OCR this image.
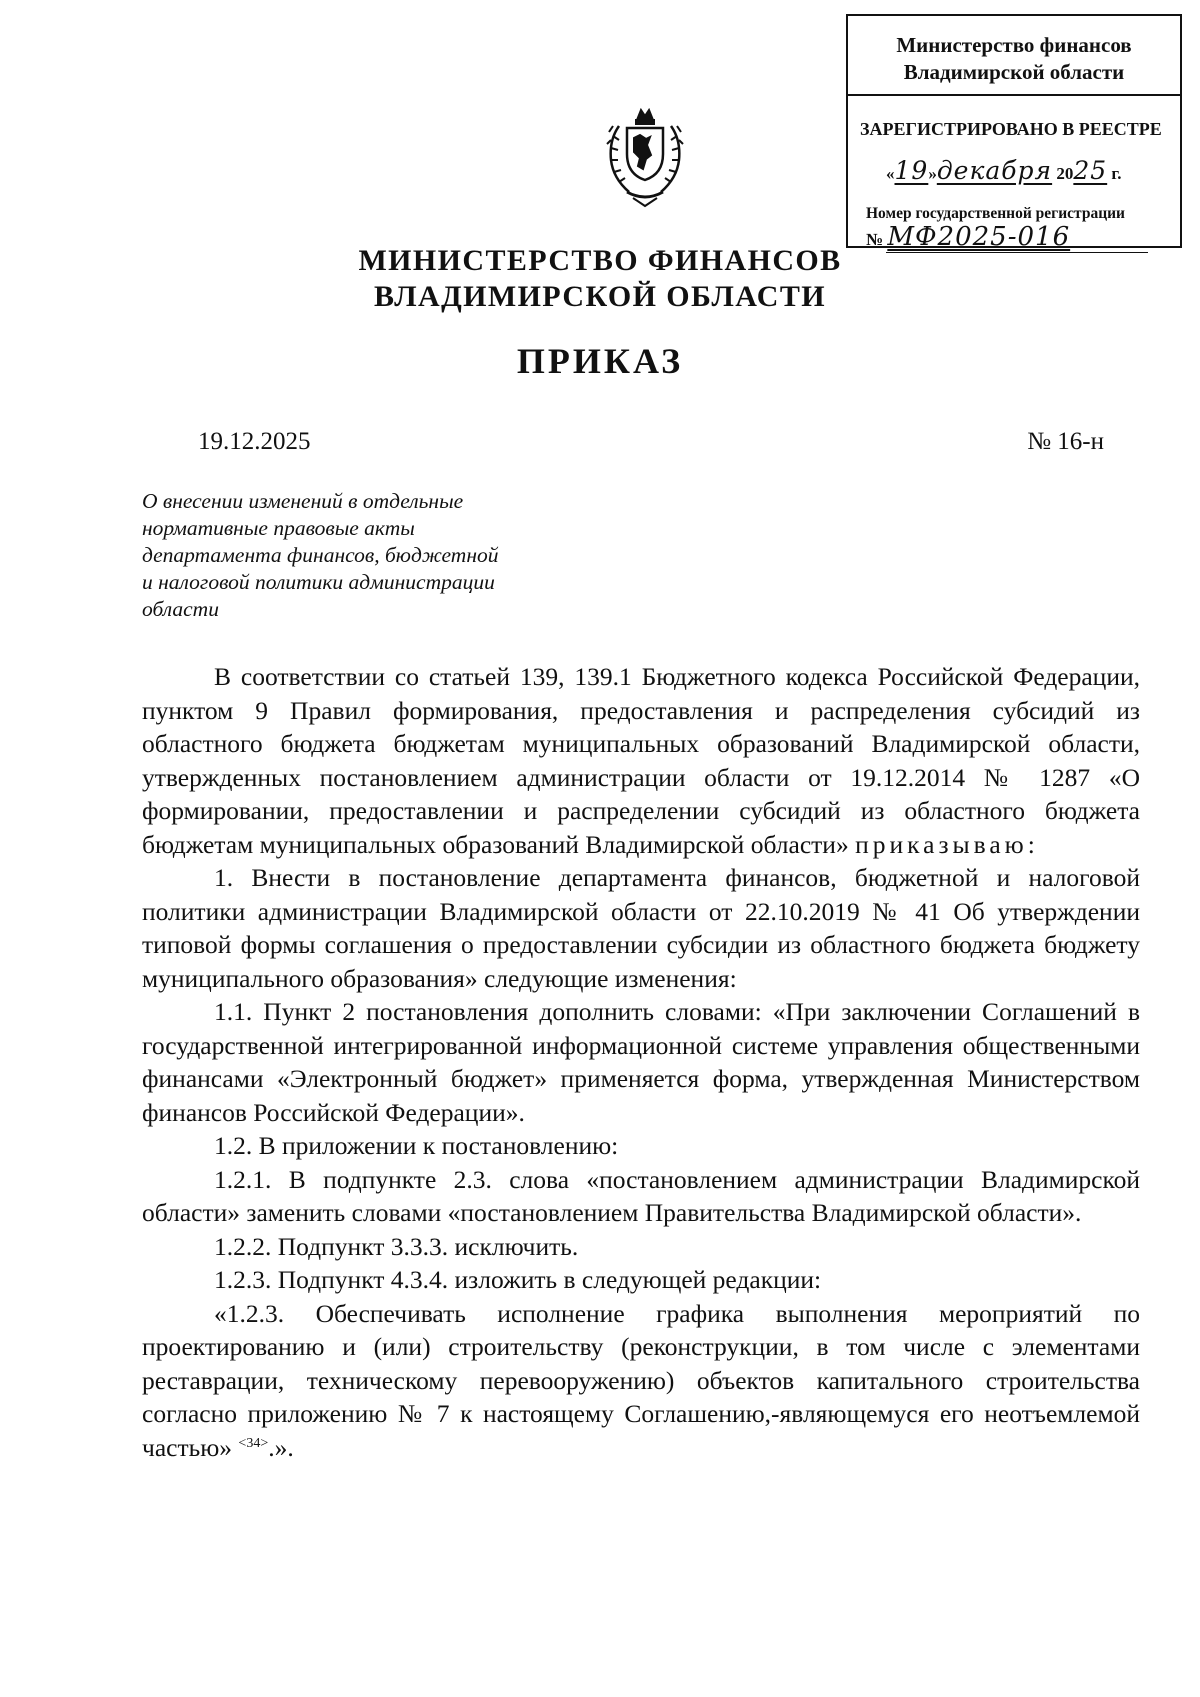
Министерство финансов
Владимирской области
ЗАРЕГИСТРИРОВАНО В РЕЕСТРЕ
«19»декабря 2025 г.
Номер государственной регистрации
№ МФ2025-016
МИНИСТЕРСТВО ФИНАНСОВ
ВЛАДИМИРСКОЙ ОБЛАСТИ
ПРИКАЗ
19.12.2025	№ 16-н
О внесении изменений в отдельные
нормативные правовые акты
департамента финансов, бюджетной
и налоговой политики администрации
области

В соответствии со статьей 139, 139.1 Бюджетного кодекса Российской Федерации, пунктом 9 Правил формирования, предоставления и распределения субсидий из областного бюджета бюджетам муниципальных образований Владимирской области, утвержденных постановлением администрации области от 19.12.2014 № 1287 «О формировании, предоставлении и распределении субсидий из областного бюджета бюджетам муниципальных образований Владимирской области» приказываю:

1. Внести в постановление департамента финансов, бюджетной и налоговой политики администрации Владимирской области от 22.10.2019 № 41 Об утверждении типовой формы соглашения о предоставлении субсидии из областного бюджета бюджету муниципального образования» следующие изменения:

1.1. Пункт 2 постановления дополнить словами: «При заключении Соглашений в государственной интегрированной информационной системе управления общественными финансами «Электронный бюджет» применяется форма, утвержденная Министерством финансов Российской Федерации».

1.2. В приложении к постановлению:

1.2.1. В подпункте 2.3. слова «постановлением администрации Владимирской области» заменить словами «постановлением Правительства Владимирской области».

1.2.2. Подпункт 3.3.3. исключить.

1.2.3. Подпункт 4.3.4. изложить в следующей редакции:

«1.2.3. Обеспечивать исполнение графика выполнения мероприятий по проектированию и (или) строительству (реконструкции, в том числе с элементами реставрации, техническому перевооружению) объектов капитального строительства согласно приложению № 7 к настоящему Соглашению,-являющемуся его неотъемлемой частью» $^{<34>}$.».
